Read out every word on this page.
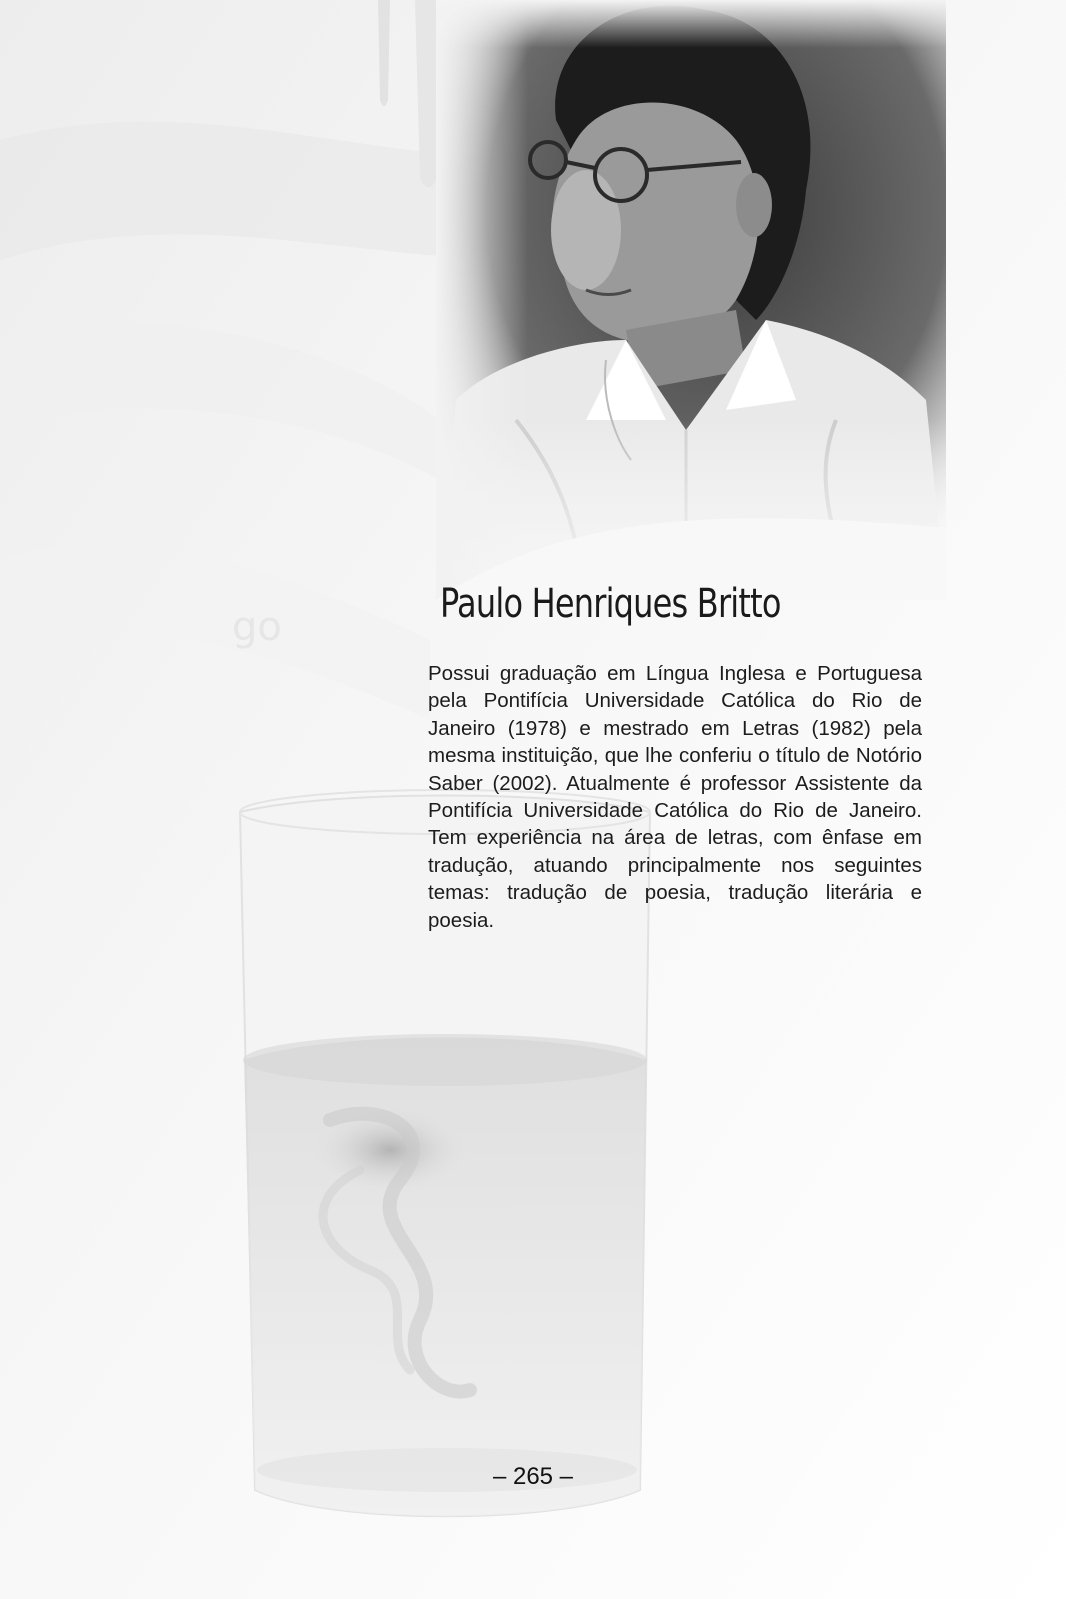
go	Paulo Henriques Britto

Possui graduação em Língua Inglesa e Portuguesa pela Pontifícia Universidade Católica do Rio de Janeiro (1978) e mestrado em Letras (1982) pela mesma instituição, que lhe conferiu o título de Notório Saber (2002). Atualmente é professor Assistente da Pontifícia Universidade Católica do Rio de Janeiro. Tem experiência na área de letras, com ênfase em tradução, atuando principalmente nos seguintes temas: tradução de poesia, tradução literária e poesia.

– 265 –
